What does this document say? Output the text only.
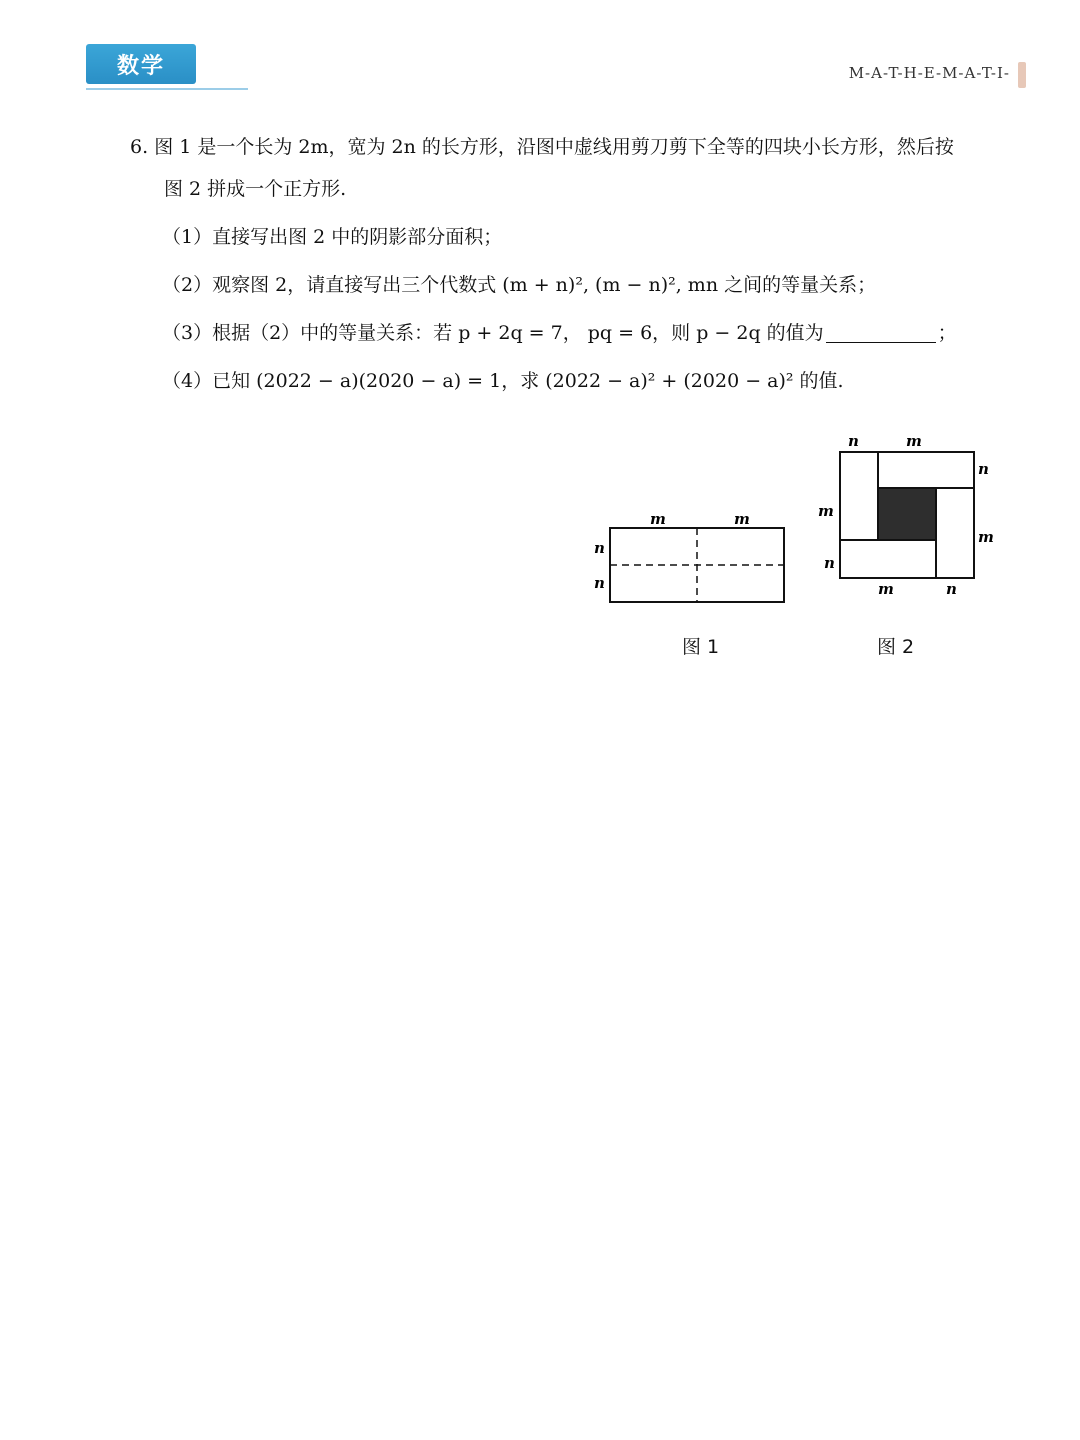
数学	M-A-T-H-E-M-A-T-I-
6. 图 1 是一个长为 2m，宽为 2n 的长方形，沿图中虚线用剪刀剪下全等的四块小长方形，然后按
图 2 拼成一个正方形.
（1）直接写出图 2 中的阴影部分面积；
（2）观察图 2，请直接写出三个代数式 (m + n)², (m − n)², mn 之间的等量关系；
（3）根据（2）中的等量关系：若 p + 2q = 7， pq = 6，则 p − 2q 的值为	；
（4）已知 (2022 − a)(2020 − a) = 1，求 (2022 − a)² + (2020 − a)² 的值.
m	m
n
n
图 1
n	m
n
m
m
n
m	n
图 2
